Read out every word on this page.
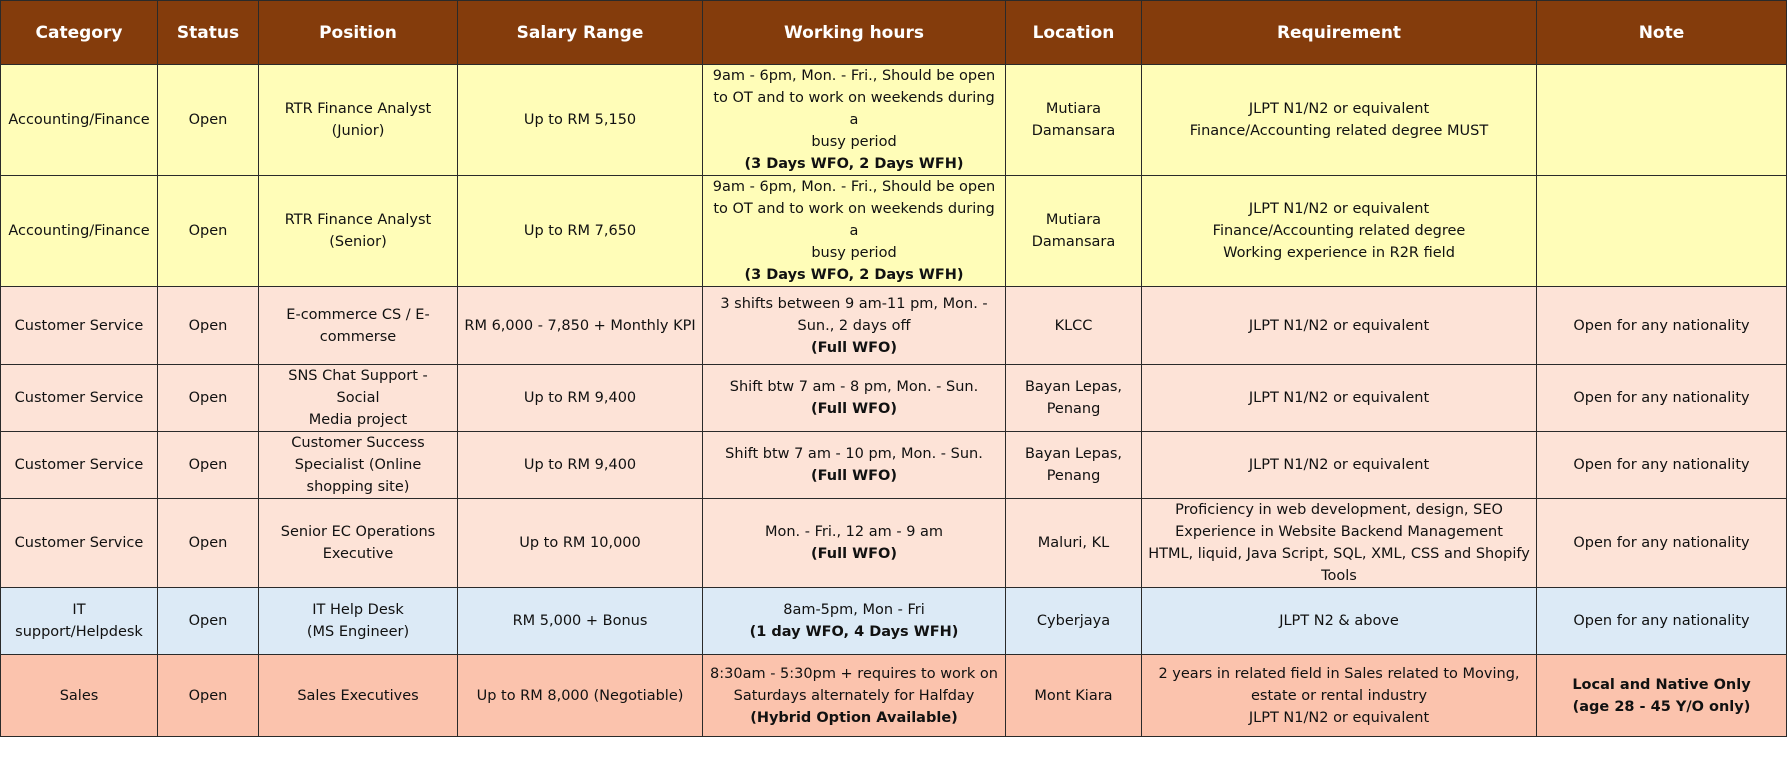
Category	Status	Position	Salary Range	Working hours	Location	Requirement	Note
Accounting/Finance	Open	RTR Finance Analyst
(Junior)	Up to RM 5,150	9am - 6pm, Mon. - Fri., Should be open
to OT and to work on weekends during a
busy period
(3 Days WFO, 2 Days WFH)	Mutiara
Damansara	JLPT N1/N2 or equivalent
Finance/Accounting related degree MUST	

Accounting/Finance	Open	RTR Finance Analyst
(Senior)	Up to RM 7,650	9am - 6pm, Mon. - Fri., Should be open
to OT and to work on weekends during a
busy period
(3 Days WFO, 2 Days WFH)	Mutiara
Damansara	JLPT N1/N2 or equivalent
Finance/Accounting related degree
Working experience in R2R field	

Customer Service	Open	E-commerce CS / E-
commerse	RM 6,000 - 7,850 + Monthly KPI	3 shifts between 9 am-11 pm, Mon. -
Sun., 2 days off
(Full WFO)	KLCC	JLPT N1/N2 or equivalent	Open for any nationality

Customer Service	Open	SNS Chat Support - Social
Media project	Up to RM 9,400	Shift btw 7 am - 8 pm, Mon. - Sun.
(Full WFO)	Bayan Lepas,
Penang	JLPT N1/N2 or equivalent	Open for any nationality

Customer Service	Open	Customer Success
Specialist (Online
shopping site)	Up to RM 9,400	Shift btw 7 am - 10 pm, Mon. - Sun.
(Full WFO)	Bayan Lepas,
Penang	JLPT N1/N2 or equivalent	Open for any nationality

Customer Service	Open	Senior EC Operations
Executive	Up to RM 10,000	Mon. - Fri., 12 am - 9 am
(Full WFO)	Maluri, KL	Proficiency in web development, design, SEO
Experience in Website Backend Management
HTML, liquid, Java Script, SQL, XML, CSS and Shopify
Tools	Open for any nationality

IT support/Helpdesk	Open	IT Help Desk
(MS Engineer)	RM 5,000 + Bonus	8am-5pm, Mon - Fri
(1 day WFO, 4 Days WFH)	Cyberjaya	JLPT N2 & above	Open for any nationality

Sales	Open	Sales Executives	Up to RM 8,000 (Negotiable)	8:30am - 5:30pm + requires to work on
Saturdays alternately for Halfday
(Hybrid Option Available)	Mont Kiara	2 years in related field in Sales related to Moving,
estate or rental industry
JLPT N1/N2 or equivalent	Local and Native Only
(age 28 - 45 Y/O only)
